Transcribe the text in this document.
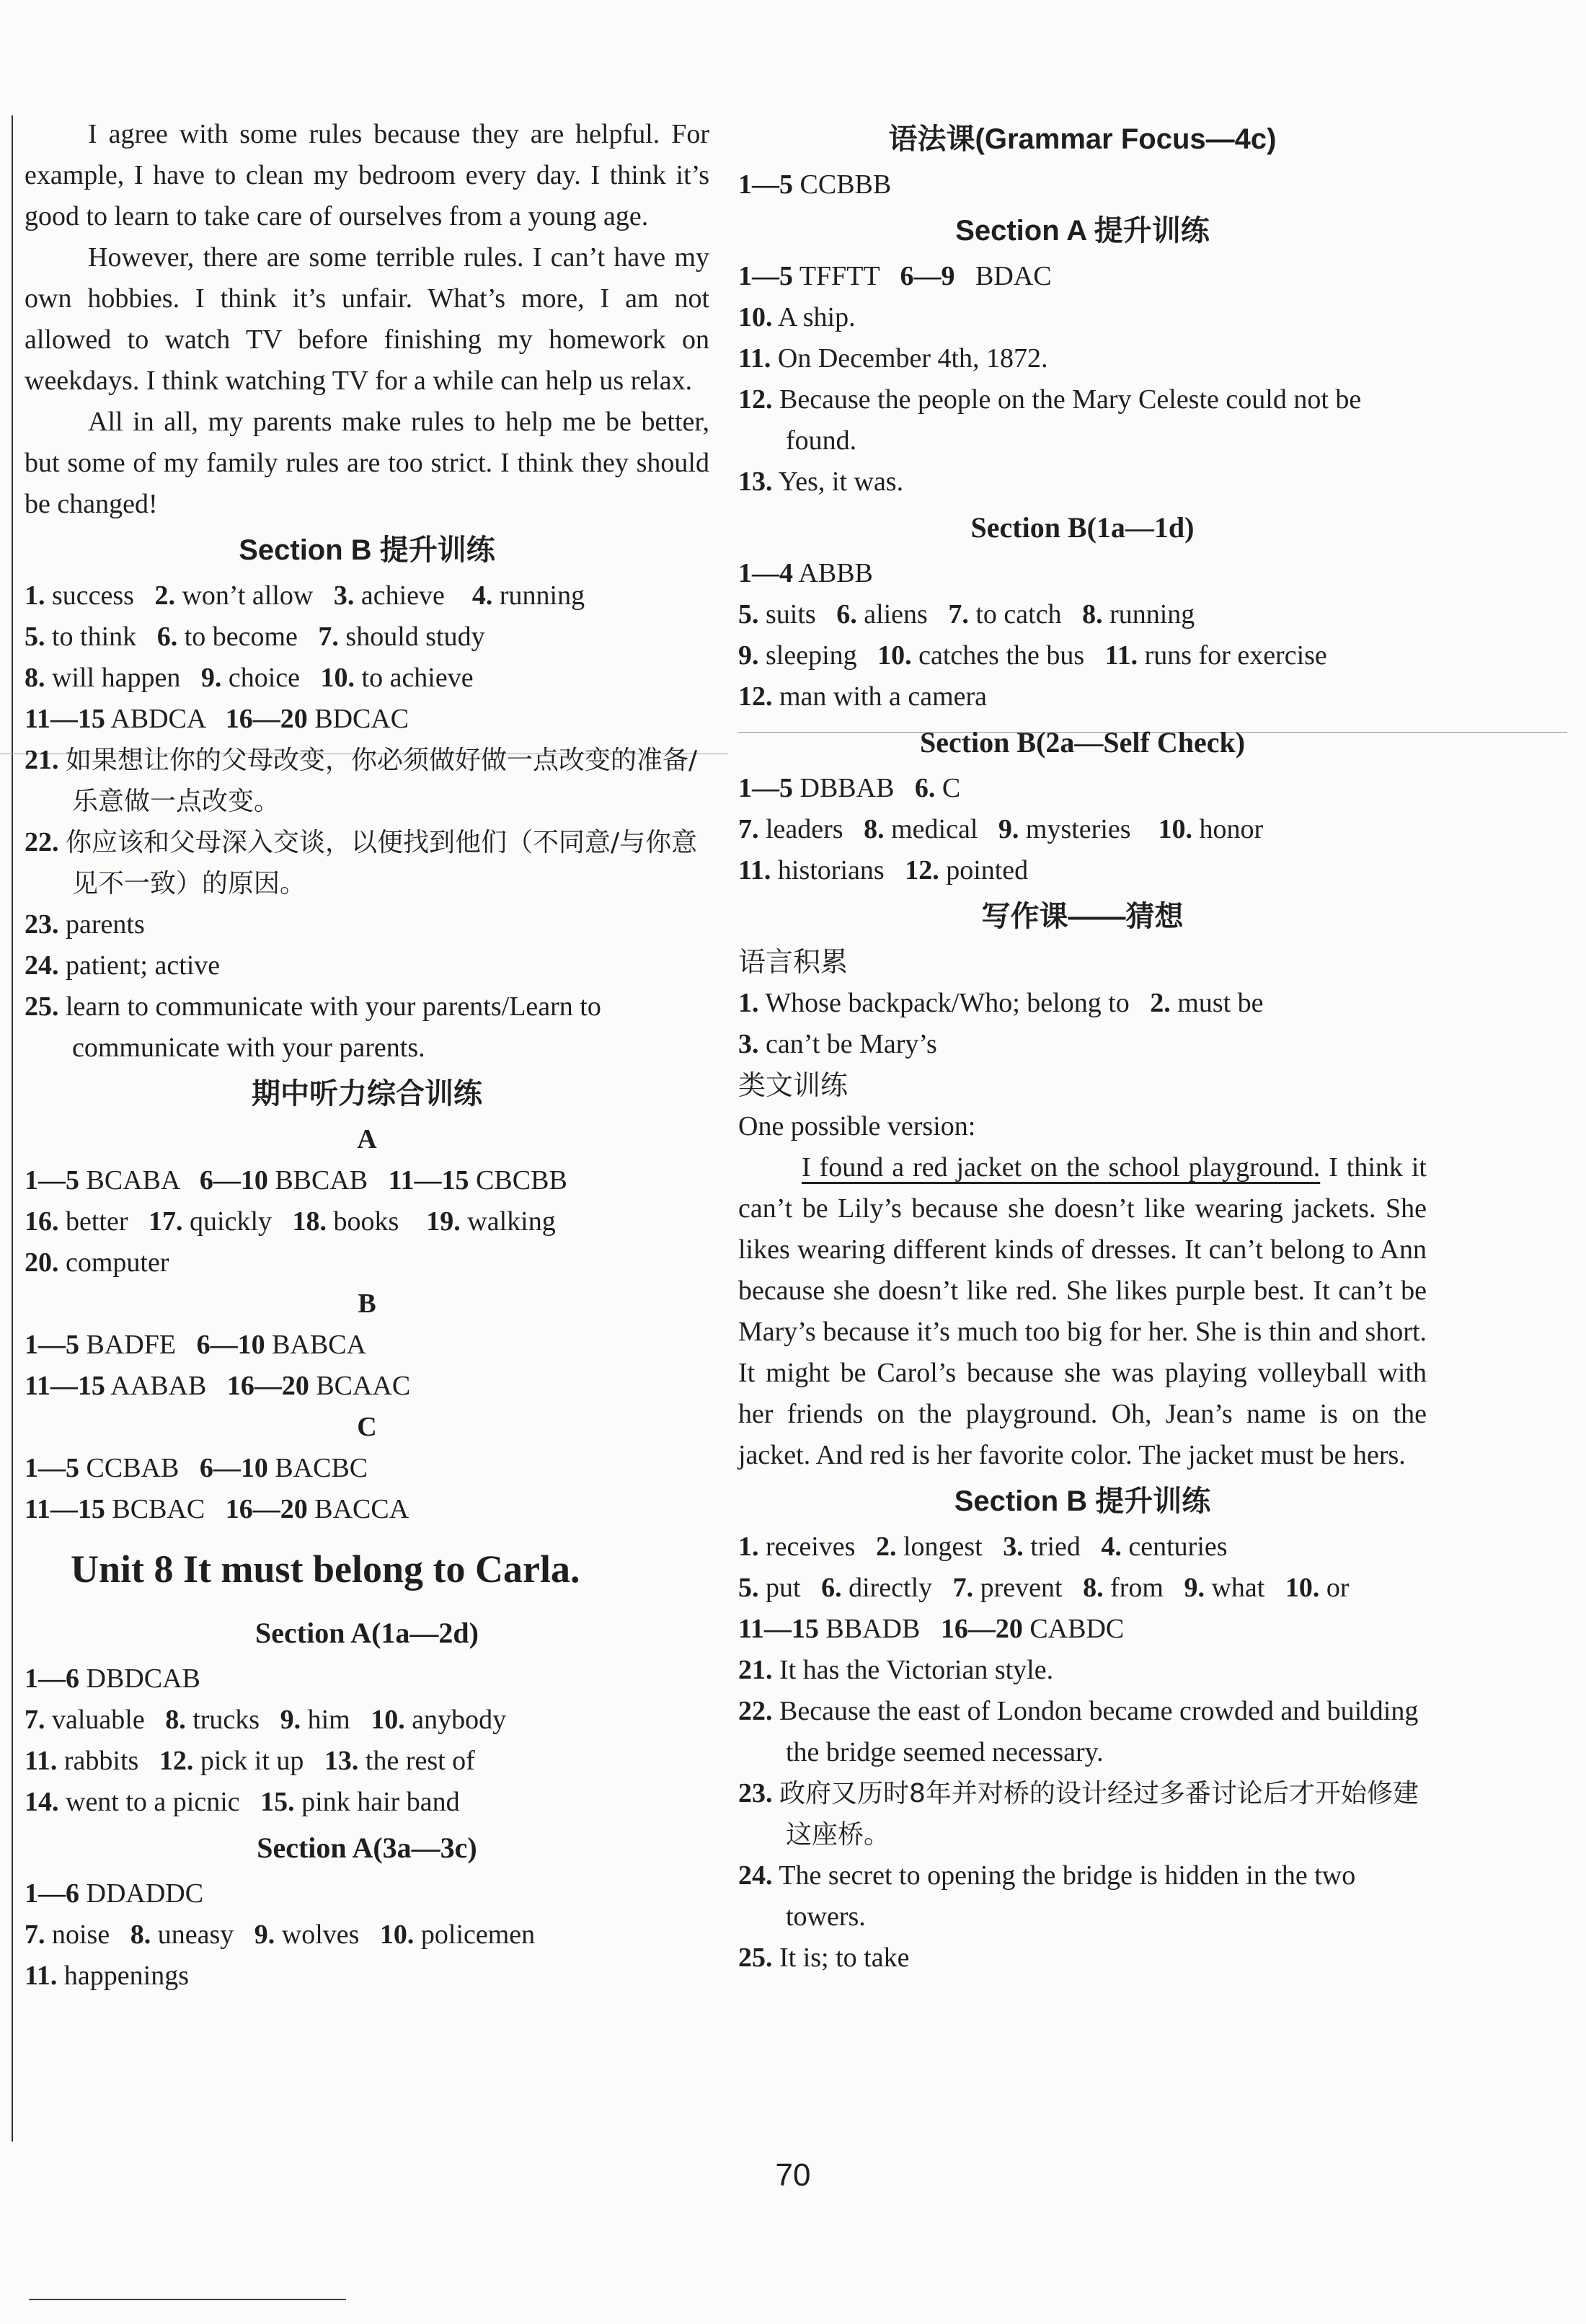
I agree with some rules because they are helpful. For example, I have to clean my bedroom every day. I think it’s good to learn to take care of ourselves from a young age.

However, there are some terrible rules. I can’t have my own hobbies. I think it’s unfair. What’s more, I am not allowed to watch TV before finishing my homework on weekdays. I think watching TV for a while can help us relax.

All in all, my parents make rules to help me be better, but some of my family rules are too strict. I think they should be changed!

Section B 提升训练

1. success   2. won’t allow   3. achieve    4. running

5. to think   6. to become   7. should study

8. will happen   9. choice   10. to achieve

11—15 ABDCA   16—20 BDCAC

21. 如果想让你的父母改变，你必须做好做一点改变的准备/乐意做一点改变。

22. 你应该和父母深入交谈，以便找到他们（不同意/与你意见不一致）的原因。

23. parents

24. patient; active

25. learn to communicate with your parents/Learn to communicate with your parents.

期中听力综合训练

A

1—5 BCABA   6—10 BBCAB   11—15 CBCBB

16. better   17. quickly   18. books    19. walking

20. computer

B

1—5 BADFE   6—10 BABCA

11—15 AABAB   16—20 BCAAC

C

1—5 CCBAB   6—10 BACBC

11—15 BCBAC   16—20 BACCA

Unit 8 It must belong to Carla.

Section A(1a—2d)

1—6 DBDCAB

7. valuable   8. trucks   9. him   10. anybody

11. rabbits   12. pick it up   13. the rest of

14. went to a picnic   15. pink hair band

Section A(3a—3c)

1—6 DDADDC

7. noise   8. uneasy   9. wolves   10. policemen

11. happenings

语法课(Grammar Focus—4c)

1—5 CCBBB

Section A 提升训练

1—5 TFFTT   6—9   BDAC

10. A ship.

11. On December 4th, 1872.

12. Because the people on the Mary Celeste could not be found.

13. Yes, it was.

Section B(1a—1d)

1—4 ABBB

5. suits   6. aliens   7. to catch   8. running

9. sleeping   10. catches the bus   11. runs for exercise

12. man with a camera

Section B(2a—Self Check)

1—5 DBBAB   6. C

7. leaders   8. medical   9. mysteries    10. honor

11. historians   12. pointed

写作课——猜想

语言积累

1. Whose backpack/Who; belong to   2. must be

3. can’t be Mary’s

类文训练

One possible version:

I found a red jacket on the school playground. I think it can’t be Lily’s because she doesn’t like wearing jackets. She likes wearing different kinds of dresses. It can’t belong to Ann because she doesn’t like red. She likes purple best. It can’t be Mary’s because it’s much too big for her. She is thin and short. It might be Carol’s because she was playing volleyball with her friends on the playground. Oh, Jean’s name is on the jacket. And red is her favorite color. The jacket must be hers.

Section B 提升训练

1. receives   2. longest   3. tried   4. centuries

5. put   6. directly   7. prevent   8. from   9. what   10. or

11—15 BBADB   16—20 CABDC

21. It has the Victorian style.

22. Because the east of London became crowded and building the bridge seemed necessary.

23. 政府又历时8年并对桥的设计经过多番讨论后才开始修建这座桥。

24. The secret to opening the bridge is hidden in the two towers.

25. It is; to take

70
